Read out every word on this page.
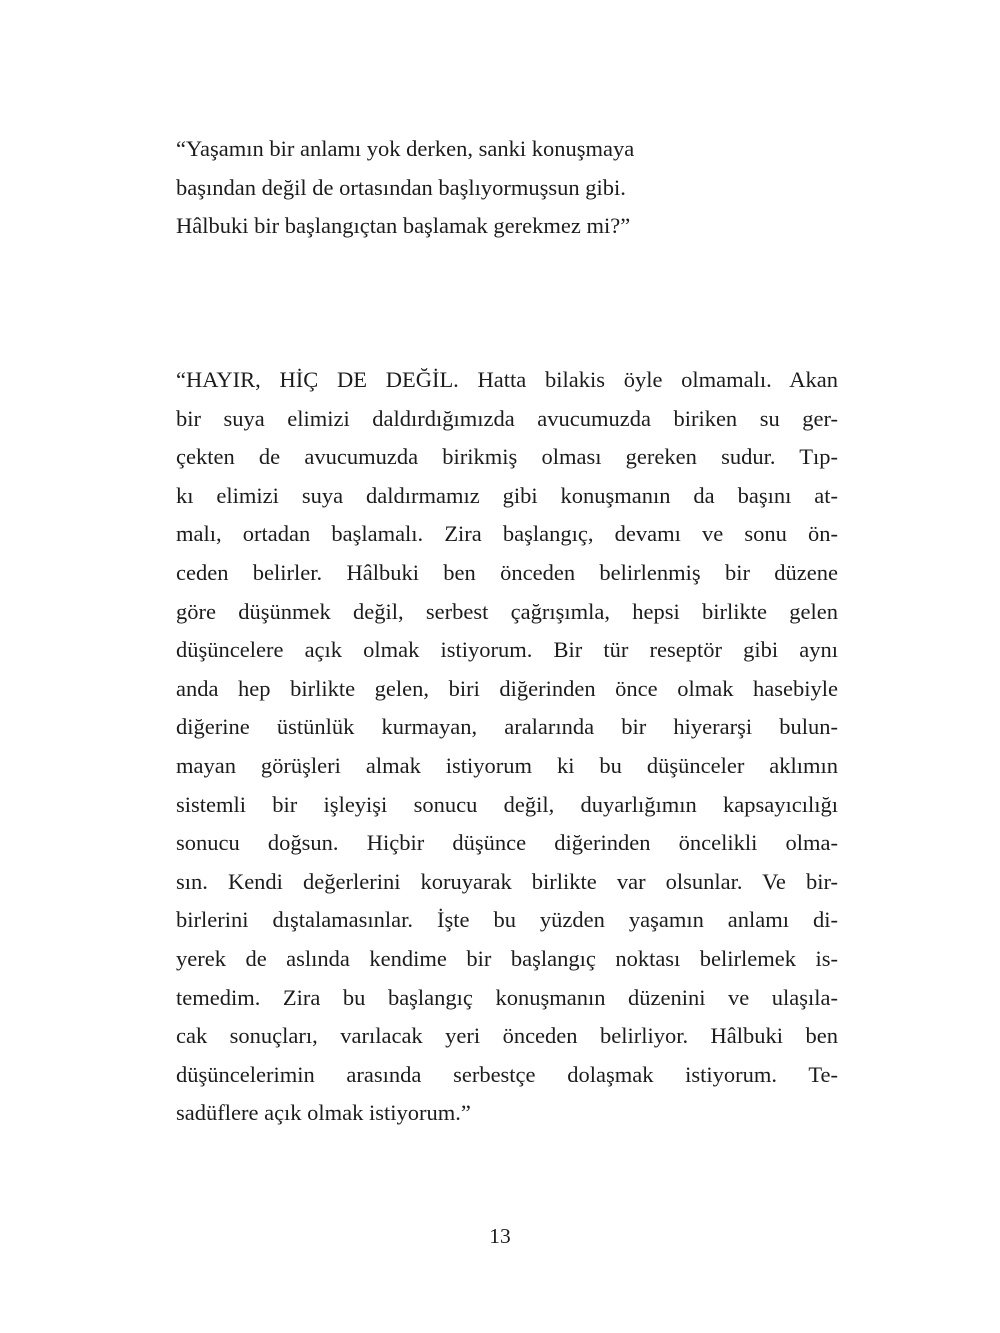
“Yaşamın bir anlamı yok derken, sanki konuşmaya
başından değil de ortasından başlıyormuşsun gibi.
Hâlbuki bir başlangıçtan başlamak gerekmez mi?”
“HAYIR, HİÇ DE DEĞİL. Hatta bilakis öyle olmamalı. Akan
bir suya elimizi daldırdığımızda avucumuzda biriken su ger-
çekten de avucumuzda birikmiş olması gereken sudur. Tıp-
kı elimizi suya daldırmamız gibi konuşmanın da başını at-
malı, ortadan başlamalı. Zira başlangıç, devamı ve sonu ön-
ceden belirler. Hâlbuki ben önceden belirlenmiş bir düzene
göre düşünmek değil, serbest çağrışımla, hepsi birlikte gelen
düşüncelere açık olmak istiyorum. Bir tür reseptör gibi aynı
anda hep birlikte gelen, biri diğerinden önce olmak hasebiyle
diğerine üstünlük kurmayan, aralarında bir hiyerarşi bulun-
mayan görüşleri almak istiyorum ki bu düşünceler aklımın
sistemli bir işleyişi sonucu değil, duyarlığımın kapsayıcılığı
sonucu doğsun. Hiçbir düşünce diğerinden öncelikli olma-
sın. Kendi değerlerini koruyarak birlikte var olsunlar. Ve bir-
birlerini dıştalamasınlar. İşte bu yüzden yaşamın anlamı di-
yerek de aslında kendime bir başlangıç noktası belirlemek is-
temedim. Zira bu başlangıç konuşmanın düzenini ve ulaşıla-
cak sonuçları, varılacak yeri önceden belirliyor. Hâlbuki ben
düşüncelerimin arasında serbestçe dolaşmak istiyorum. Te-
sadüflere açık olmak istiyorum.”
13
